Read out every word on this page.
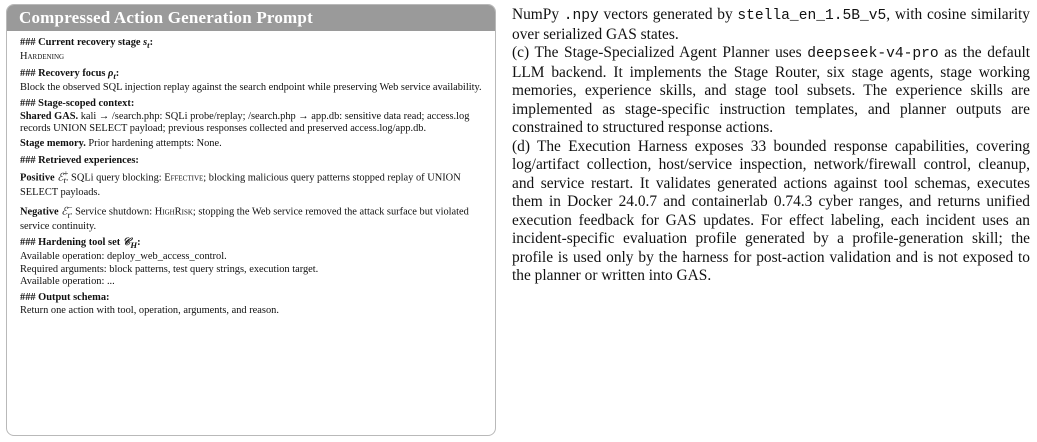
Compressed Action Generation Prompt
### Current recovery stage $s_t$:
Hardening
### Recovery focus $\rho_t$:
Block the observed SQL injection replay against the search endpoint while preserving Web service availability.
### Stage-scoped context:
Shared GAS. kali → /search.php: SQLi probe/replay; /search.php → app.db: sensitive data read; access.log records UNION SELECT payload; previous responses collected and preserved access.log/app.db.
Stage memory. Prior hardening attempts: None.
### Retrieved experiences:
Positive ℰ+$_t$. SQLi query blocking: Effective; blocking malicious query patterns stopped replay of UNION SELECT payloads.
Negative ℰ−$_t$. Service shutdown: HighRisk; stopping the Web service removed the attack surface but violated service continuity.
### Hardening tool set 𝒞$_H$:
Available operation: deploy_web_access_control.
Required arguments: block patterns, test query strings, execution target.
Available operation: ...
### Output schema:
Return one action with tool, operation, arguments, and reason.

NumPy .npy vectors generated by stella_en_1.5B_v5, with cosine similarity over serialized GAS states.

(c) The Stage-Specialized Agent Planner uses deepseek-v4-pro as the default LLM backend. It implements the Stage Router, six stage agents, stage working memories, experience skills, and stage tool subsets. The experience skills are implemented as stage-specific instruction templates, and planner outputs are constrained to structured response actions.

(d) The Execution Harness exposes 33 bounded response capabilities, covering log/artifact collection, host/service inspection, network/firewall control, cleanup, and service restart. It validates generated actions against tool schemas, executes them in Docker 24.0.7 and containerlab 0.74.3 cyber ranges, and returns unified execution feedback for GAS updates. For effect labeling, each incident uses an incident-specific evaluation profile generated by a profile-generation skill; the profile is used only by the harness for post-action validation and is not exposed to the planner or written into GAS.
